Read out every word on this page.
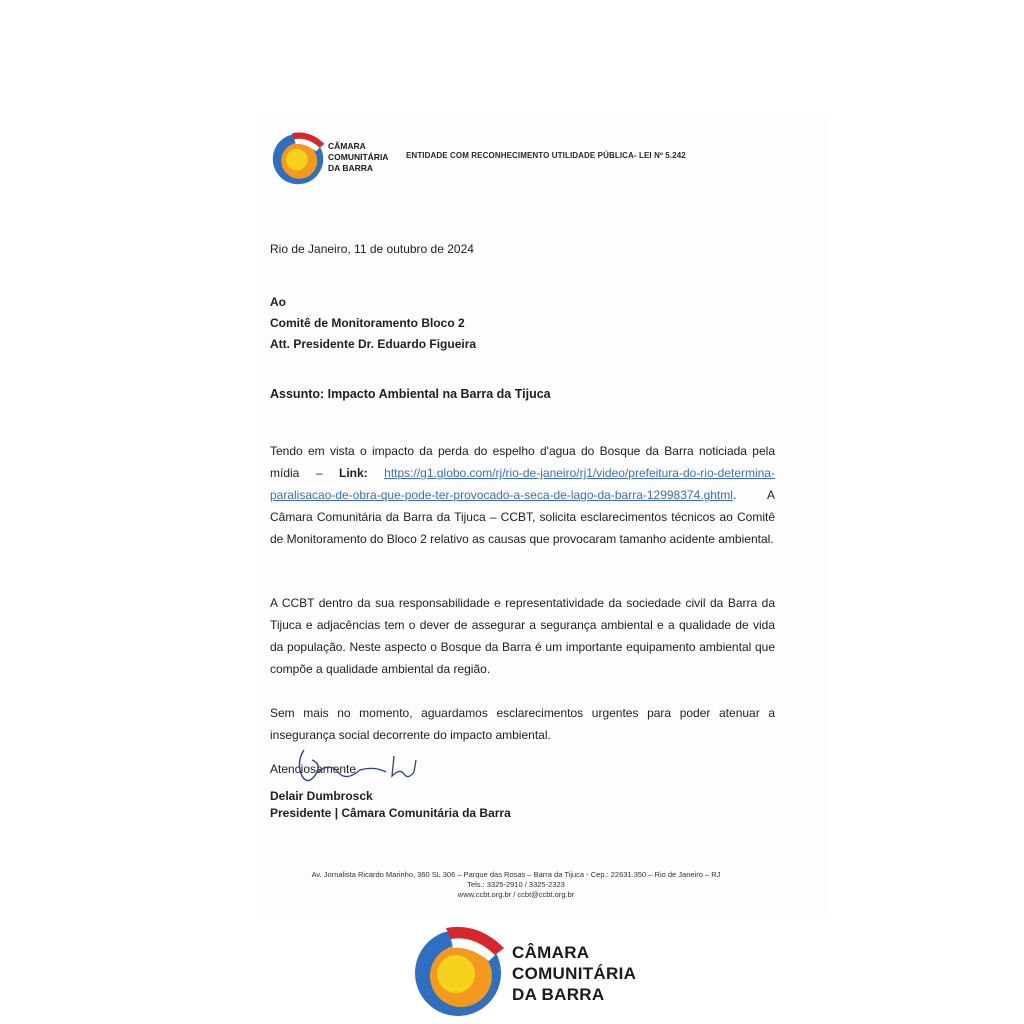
CÂMARA
COMUNITÁRIA
DA BARRA
ENTIDADE COM RECONHECIMENTO UTILIDADE PÚBLICA- LEI Nº 5.242
Rio de Janeiro, 11 de outubro de 2024
Ao
Comitê de Monitoramento Bloco 2
Att. Presidente Dr. Eduardo Figueira
Assunto: Impacto Ambiental na Barra da Tijuca
Tendo em vista o impacto da perda do espelho d'agua do Bosque da Barra noticiada pela mídia – Link: https://g1.globo.com/rj/rio-de-janeiro/rj1/video/prefeitura-do-rio-determina-paralisacao-de-obra-que-pode-ter-provocado-a-seca-de-lago-da-barra-12998374.ghtml. A Câmara Comunitária da Barra da Tijuca – CCBT, solicita esclarecimentos técnicos ao Comitê de Monitoramento do Bloco 2 relativo as causas que provocaram tamanho acidente ambiental.
A CCBT dentro da sua responsabilidade e representatividade da sociedade civil da Barra da Tijuca e adjacências tem o dever de assegurar a segurança ambiental e a qualidade de vida da população. Neste aspecto o Bosque da Barra é um importante equipamento ambiental que compõe a qualidade ambiental da região.
Sem mais no momento, aguardamos esclarecimentos urgentes para poder atenuar a insegurança social decorrente do impacto ambiental.
Atenciosamente
Delair Dumbrosck
Presidente | Câmara Comunitária da Barra
Av. Jornalista Ricardo Marinho, 360 SL 306 – Parque das Rosas – Barra da Tijuca - Cep.: 22631.350 – Rio de Janeiro – RJ
Tels.: 3325-2910 / 3325-2323
www.ccbt.org.br / ccbt@ccbt.org.br
CÂMARA
COMUNITÁRIA
DA BARRA
